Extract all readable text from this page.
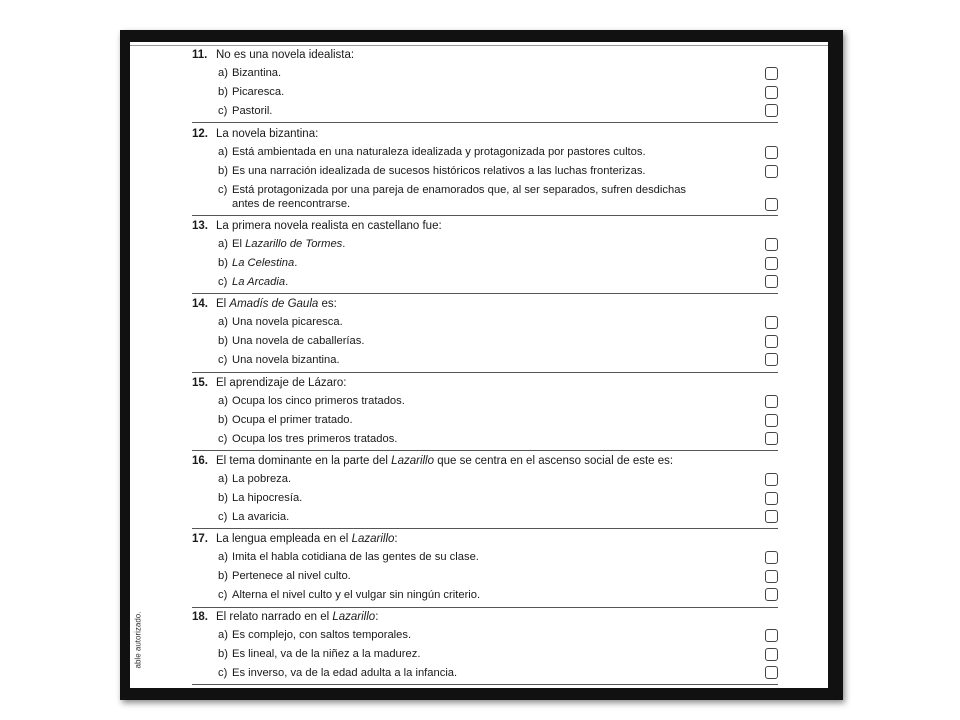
able autorizado.
11. No es una novela idealista:
a) Bizantina.
b) Picaresca.
c) Pastoril.
12. La novela bizantina:
a) Está ambientada en una naturaleza idealizada y protagonizada por pastores cultos.
b) Es una narración idealizada de sucesos históricos relativos a las luchas fronterizas.
c) Está protagonizada por una pareja de enamorados que, al ser separados, sufren desdichas antes de reencontrarse.
13. La primera novela realista en castellano fue:
a) El Lazarillo de Tormes.
b) La Celestina.
c) La Arcadia.
14. El Amadís de Gaula es:
a) Una novela picaresca.
b) Una novela de caballerías.
c) Una novela bizantina.
15. El aprendizaje de Lázaro:
a) Ocupa los cinco primeros tratados.
b) Ocupa el primer tratado.
c) Ocupa los tres primeros tratados.
16. El tema dominante en la parte del Lazarillo que se centra en el ascenso social de este es:
a) La pobreza.
b) La hipocresía.
c) La avaricia.
17. La lengua empleada en el Lazarillo:
a) Imita el habla cotidiana de las gentes de su clase.
b) Pertenece al nivel culto.
c) Alterna el nivel culto y el vulgar sin ningún criterio.
18. El relato narrado en el Lazarillo:
a) Es complejo, con saltos temporales.
b) Es lineal, va de la niñez a la madurez.
c) Es inverso, va de la edad adulta a la infancia.
